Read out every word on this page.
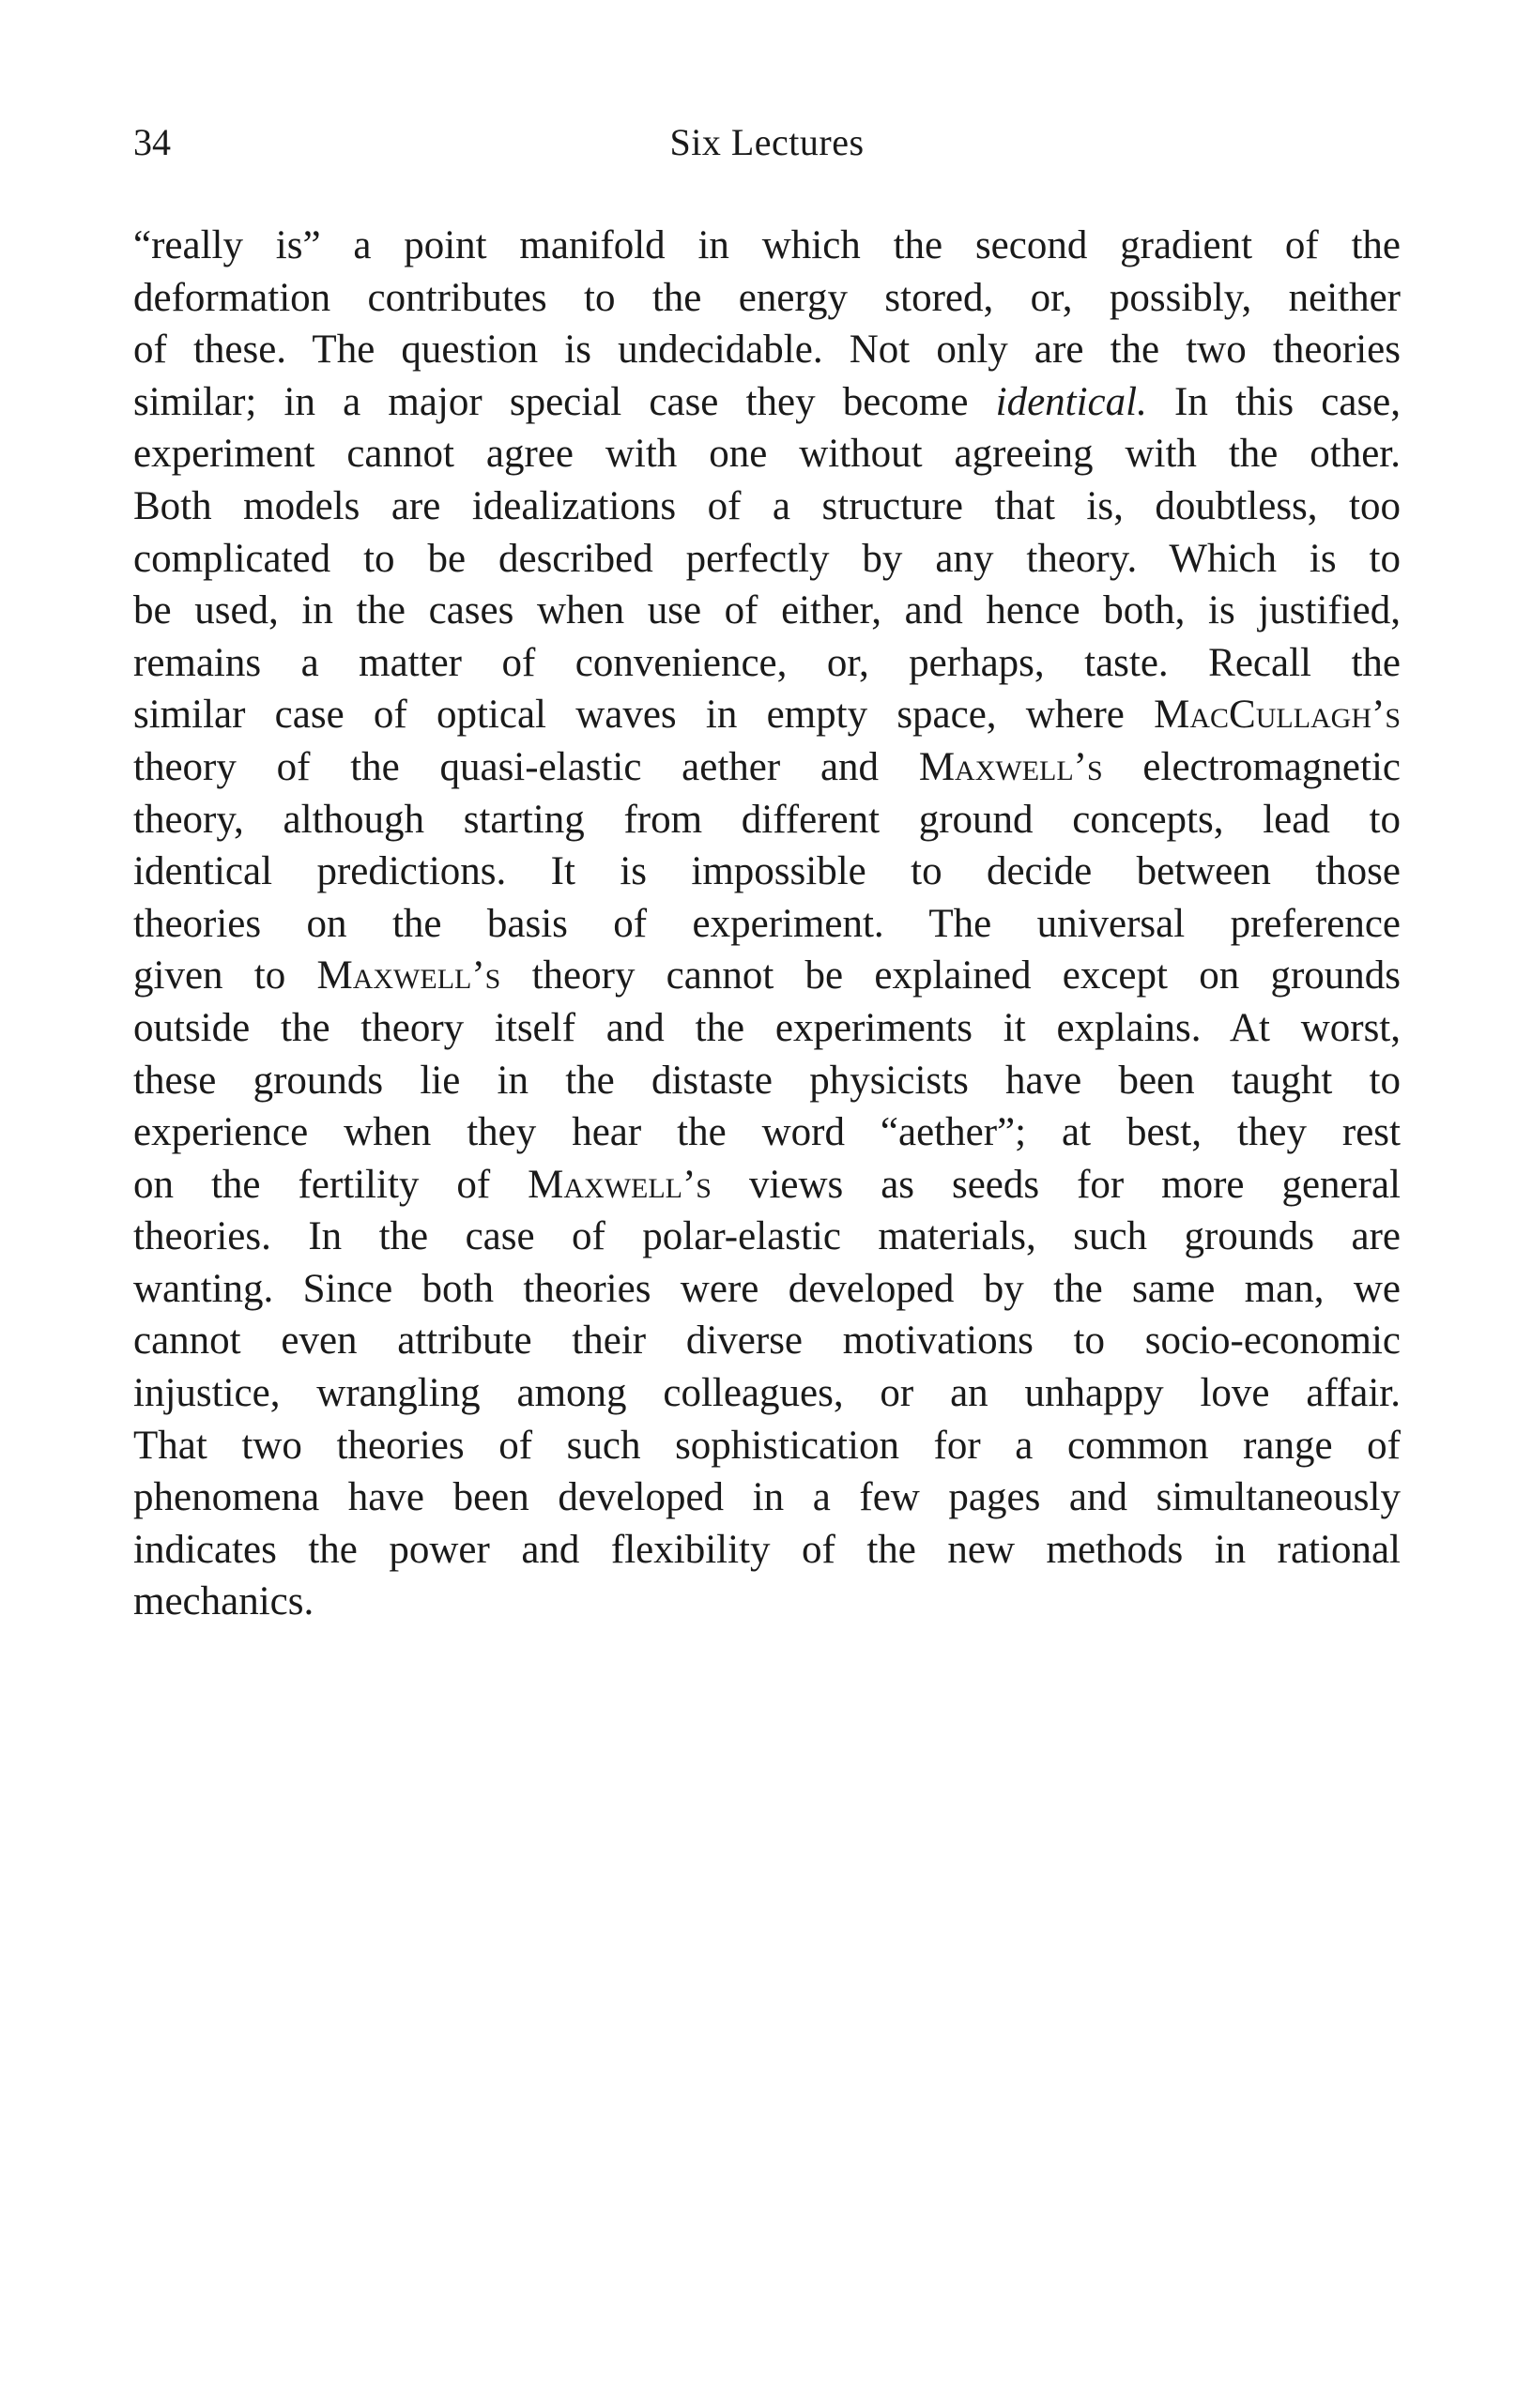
34	Six Lectures
“really is” a point manifold in which the second gradient of the
deformation contributes to the energy stored, or, possibly, neither
of these. The question is undecidable. Not only are the two theories
similar; in a major special case they become identical. In this case,
experiment cannot agree with one without agreeing with the other.
Both models are idealizations of a structure that is, doubtless, too
complicated to be described perfectly by any theory. Which is to
be used, in the cases when use of either, and hence both, is justified,
remains a matter of convenience, or, perhaps, taste. Recall the
similar case of optical waves in empty space, where MacCullagh’s
theory of the quasi-elastic aether and Maxwell’s electromagnetic
theory, although starting from different ground concepts, lead to
identical predictions. It is impossible to decide between those
theories on the basis of experiment. The universal preference
given to Maxwell’s theory cannot be explained except on grounds
outside the theory itself and the experiments it explains. At worst,
these grounds lie in the distaste physicists have been taught to
experience when they hear the word “aether”; at best, they rest
on the fertility of Maxwell’s views as seeds for more general
theories. In the case of polar-elastic materials, such grounds are
wanting. Since both theories were developed by the same man, we
cannot even attribute their diverse motivations to socio-economic
injustice, wrangling among colleagues, or an unhappy love affair.
That two theories of such sophistication for a common range of
phenomena have been developed in a few pages and simultaneously
indicates the power and flexibility of the new methods in rational
mechanics.
